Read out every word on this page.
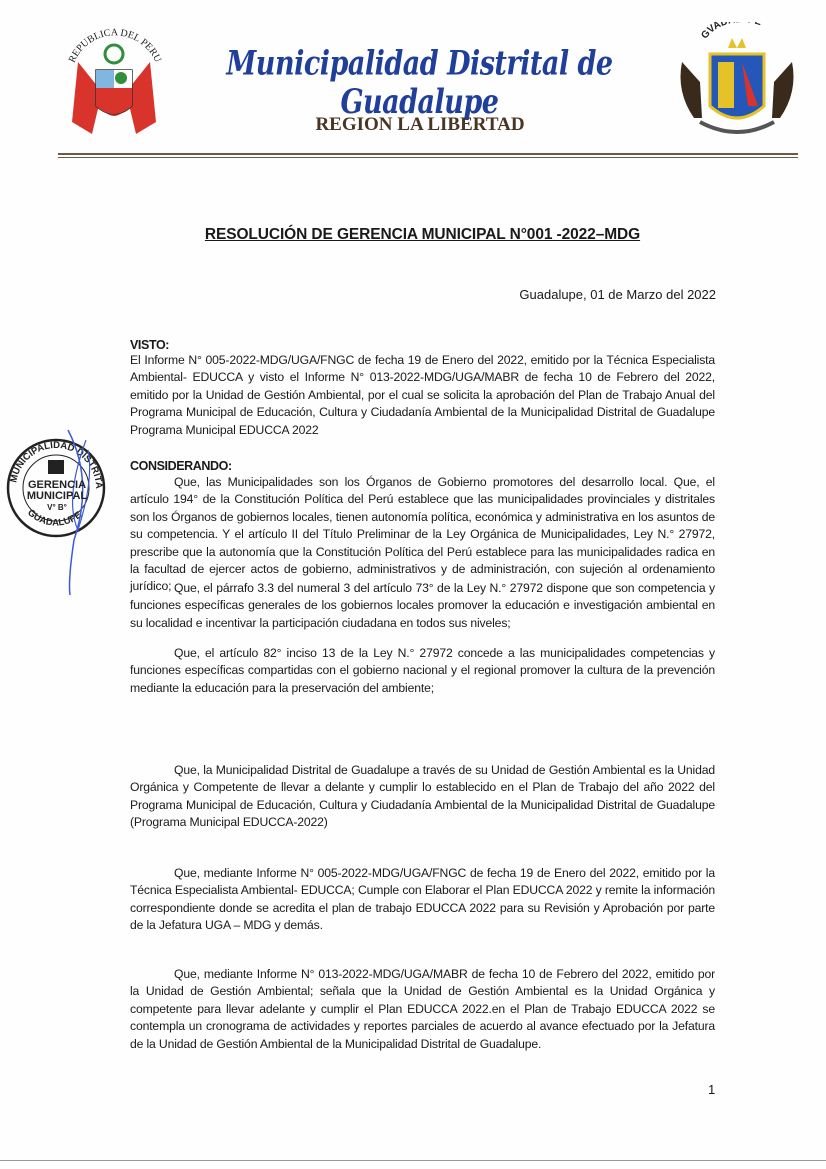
REPUBLICA DEL PERU	Municipalidad Distrital de Guadalupe
REGION LA LIBERTAD
GVAD
RESOLUCIÓN DE GERENCIA MUNICIPAL N°001 -2022–MDG
Guadalupe, 01 de Marzo del 2022
VISTO:
El Informe N° 005-2022-MDG/UGA/FNGC de fecha 19 de Enero del 2022, emitido por la Técnica Especialista Ambiental- EDUCCA y visto el Informe N° 013-2022-MDG/UGA/MABR de fecha 10 de Febrero del 2022, emitido por la Unidad de Gestión Ambiental, por el cual se solicita la aprobación del Plan de Trabajo Anual del Programa Municipal de Educación, Cultura y Ciudadanía Ambiental de la Municipalidad Distrital de Guadalupe Programa Municipal EDUCCA 2022
CONSIDERANDO:
Que, las Municipalidades son los Órganos de Gobierno promotores del desarrollo local. Que, el artículo 194° de la Constitución Política del Perú establece que las municipalidades provinciales y distritales son los Órganos de gobiernos locales, tienen autonomía política, económica y administrativa en los asuntos de su competencia. Y el artículo II del Título Preliminar de la Ley Orgánica de Municipalidades, Ley N.° 27972, prescribe que la autonomía que la Constitución Política del Perú establece para las municipalidades radica en la facultad de ejercer actos de gobierno, administrativos y de administración, con sujeción al ordenamiento jurídico; Que, el párrafo 3.3 del numeral 3 del artículo 73° de la Ley N.° 27972 dispone que son competencia y funciones específicas generales de los gobiernos locales promover la educación e investigación ambiental en su localidad e incentivar la participación ciudadana en todos sus niveles;
Que, el artículo 82° inciso 13 de la Ley N.° 27972 concede a las municipalidades competencias y funciones específicas compartidas con el gobierno nacional y el regional promover la cultura de la prevención mediante la educación para la preservación del ambiente;
Que, la Municipalidad Distrital de Guadalupe a través de su Unidad de Gestión Ambiental es la Unidad Orgánica y Competente de llevar a delante y cumplir lo establecido en el Plan de Trabajo del año 2022 del Programa Municipal de Educación, Cultura y Ciudadanía Ambiental de la Municipalidad Distrital de Guadalupe (Programa Municipal EDUCCA-2022)
Que, mediante Informe N° 005-2022-MDG/UGA/FNGC de fecha 19 de Enero del 2022, emitido por la Técnica Especialista Ambiental- EDUCCA; Cumple con Elaborar el Plan EDUCCA 2022 y remite la información correspondiente donde se acredita el plan de trabajo EDUCCA 2022 para su Revisión y Aprobación por parte de la Jefatura UGA – MDG y demás.
Que, mediante Informe N° 013-2022-MDG/UGA/MABR de fecha 10 de Febrero del 2022, emitido por la Unidad de Gestión Ambiental; señala que la Unidad de Gestión Ambiental es la Unidad Orgánica y competente para llevar adelante y cumplir el Plan EDUCCA 2022.en el Plan de Trabajo EDUCCA 2022 se contempla un cronograma de actividades y reportes parciales de acuerdo al avance efectuado por la Jefatura de la Unidad de Gestión Ambiental de la Municipalidad Distrital de Guadalupe.
MUNICIPALIDAD DISTRITA
GUADALUPE
GERENCIA
MUNICIPAL
V° B°
1
